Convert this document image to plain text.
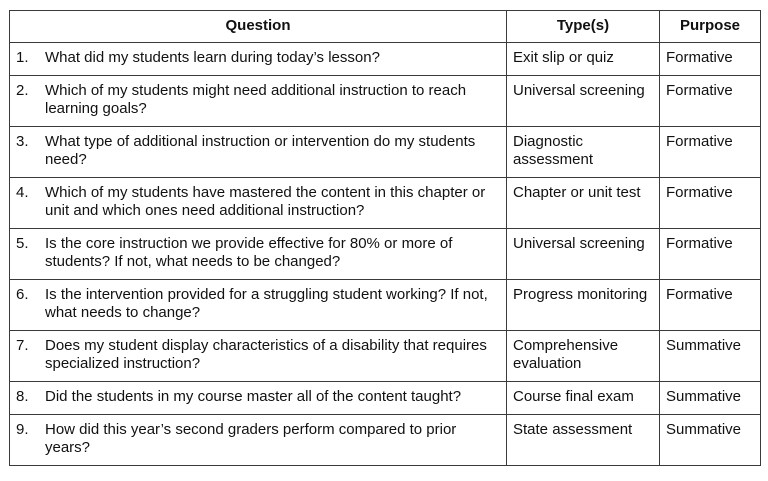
Question	Type(s)	Purpose

1. What did my students learn during today’s lesson?	Exit slip or quiz	Formative

2. Which of my students might need additional instruction to reach learning goals?	Universal screening	Formative

3. What type of additional instruction or intervention do my students need?	Diagnostic assessment	Formative

4. Which of my students have mastered the content in this chapter or unit and which ones need additional instruction?	Chapter or unit test	Formative

5. Is the core instruction we provide effective for 80% or more of students? If not, what needs to be changed?	Universal screening	Formative

6. Is the intervention provided for a struggling student working? If not, what needs to change?	Progress monitoring	Formative

7. Does my student display characteristics of a disability that requires specialized instruction?	Comprehensive evaluation	Summative

8. Did the students in my course master all of the content taught?	Course final exam	Summative

9. How did this year’s second graders perform compared to prior years?	State assessment	Summative
